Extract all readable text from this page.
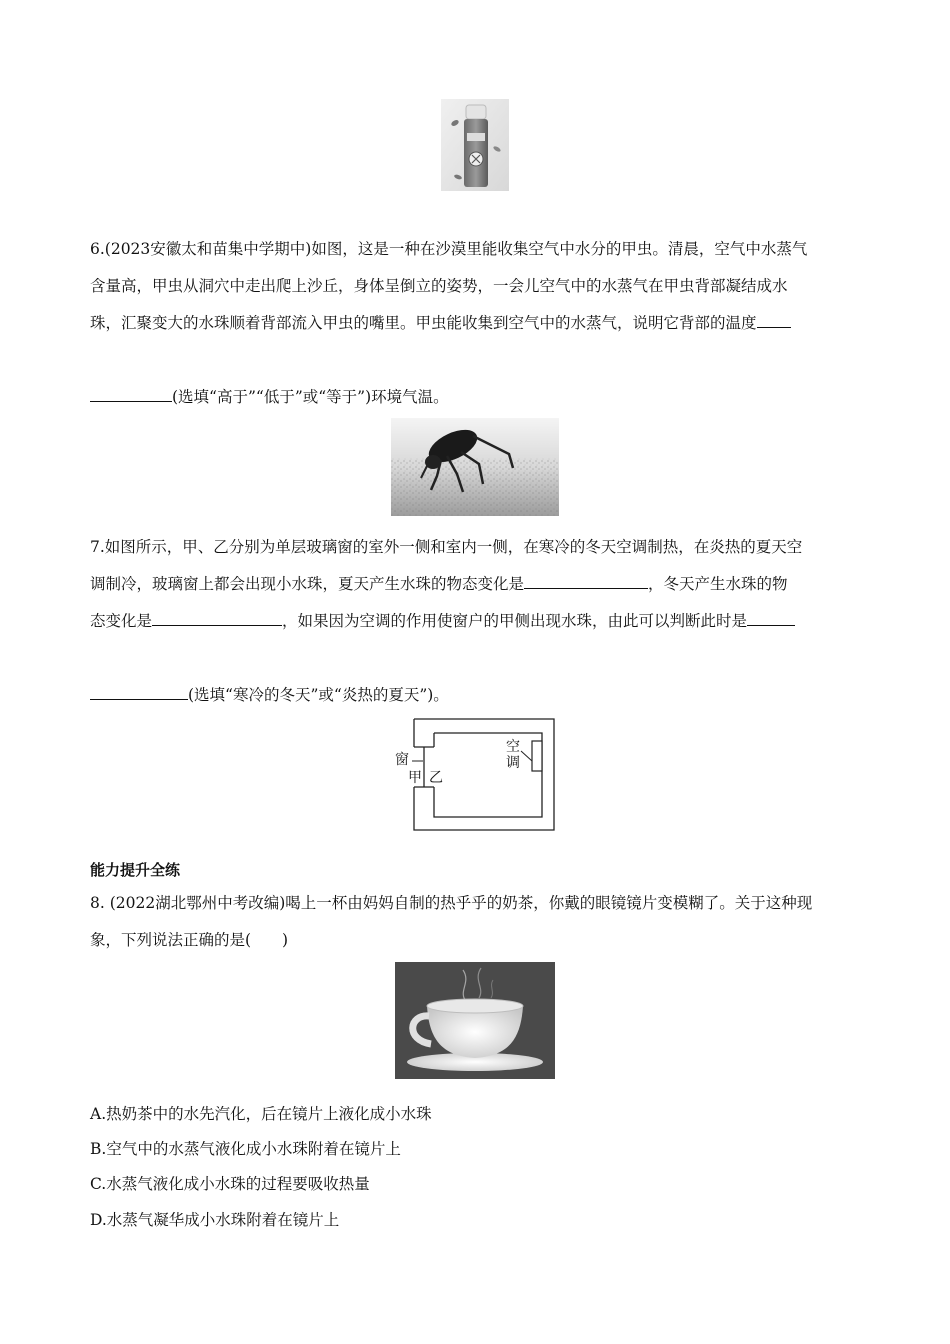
6.(2023安徽太和苗集中学期中)如图，这是一种在沙漠里能收集空气中水分的甲虫。清晨，空气中水蒸气
含量高，甲虫从洞穴中走出爬上沙丘，身体呈倒立的姿势，一会儿空气中的水蒸气在甲虫背部凝结成水
珠，汇聚变大的水珠顺着背部流入甲虫的嘴里。甲虫能收集到空气中的水蒸气，说明它背部的温度
(选填“高于”“低于”或“等于”)环境气温。
7.如图所示，甲、乙分别为单层玻璃窗的室外一侧和室内一侧，在寒冷的冬天空调制热，在炎热的夏天空
调制冷，玻璃窗上都会出现小水珠，夏天产生水珠的物态变化是	，冬天产生水珠的物
态变化是	，如果因为空调的作用使窗户的甲侧出现水珠，由此可以判断此时是
(选填“寒冷的冬天”或“炎热的夏天”)。
窗
甲 乙
空
调
能力提升全练
8. (2022湖北鄂州中考改编)喝上一杯由妈妈自制的热乎乎的奶茶，你戴的眼镜镜片变模糊了。关于这种现
象，下列说法正确的是(　　)
A.热奶茶中的水先汽化，后在镜片上液化成小水珠
B.空气中的水蒸气液化成小水珠附着在镜片上
C.水蒸气液化成小水珠的过程要吸收热量
D.水蒸气凝华成小水珠附着在镜片上
